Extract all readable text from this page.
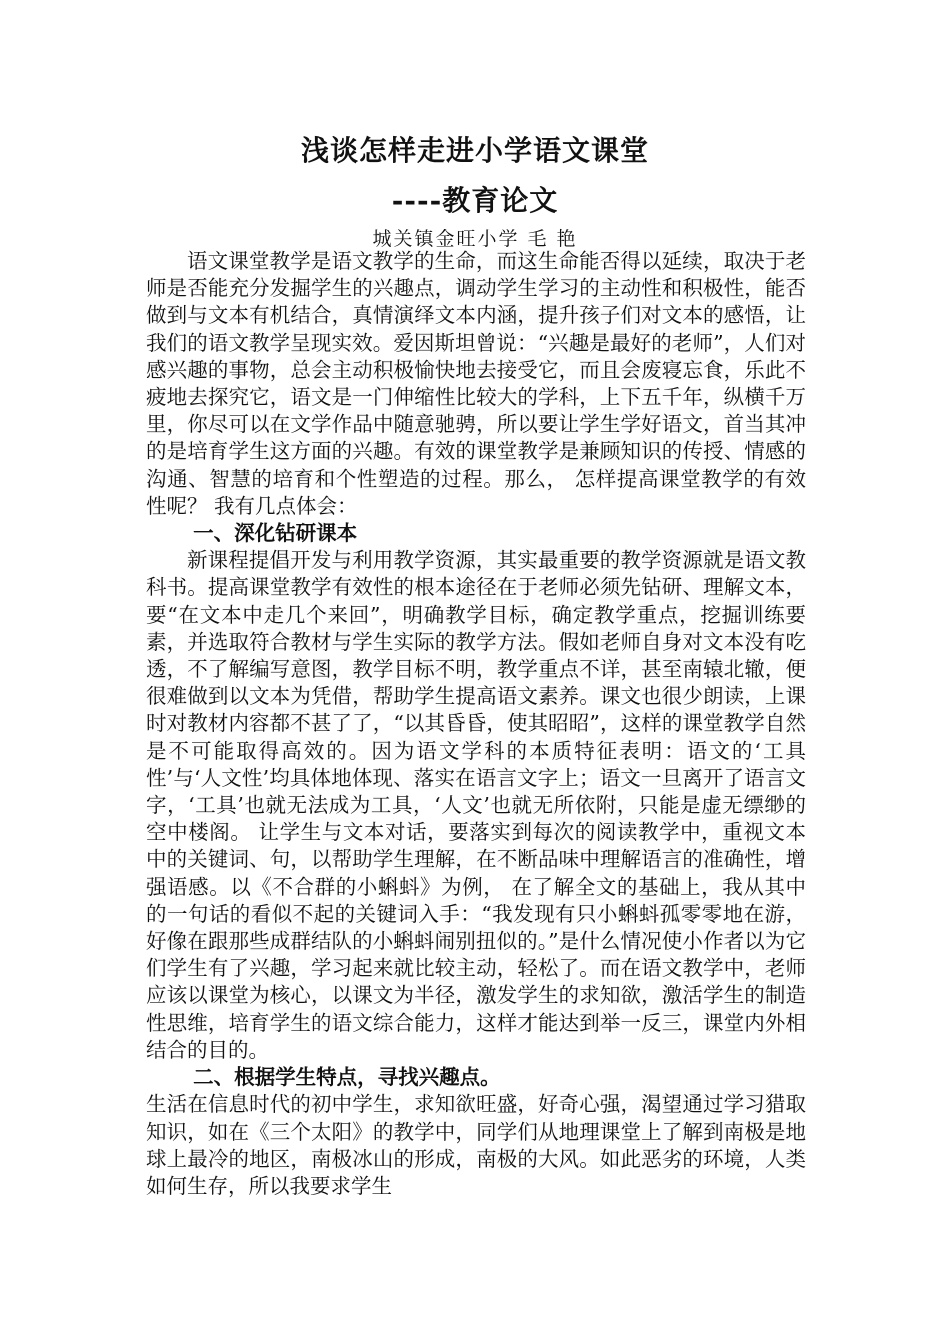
浅谈怎样走进小学语文课堂
----教育论文
城关镇金旺小学 毛 艳

语文课堂教学是语文教学的生命，而这生命能否得以延续，取决于老师是否能充分发掘学生的兴趣点，调动学生学习的主动性和积极性，能否做到与文本有机结合，真情演绎文本内涵，提升孩子们对文本的感悟，让我们的语文教学呈现实效。爱因斯坦曾说：“兴趣是最好的老师”，人们对感兴趣的事物，总会主动积极愉快地去接受它，而且会废寝忘食，乐此不疲地去探究它，语文是一门伸缩性比较大的学科，上下五千年，纵横千万里，你尽可以在文学作品中随意驰骋，所以要让学生学好语文，首当其冲的是培育学生这方面的兴趣。有效的课堂教学是兼顾知识的传授、情感的沟通、智慧的培育和个性塑造的过程。那么， 怎样提高课堂教学的有效性呢？ 我有几点体会：

一、深化钻研课本

新课程提倡开发与利用教学资源，其实最重要的教学资源就是语文教科书。提高课堂教学有效性的根本途径在于老师必须先钻研、理解文本，要“在文本中走几个来回”，明确教学目标，确定教学重点，挖掘训练要素，并选取符合教材与学生实际的教学方法。假如老师自身对文本没有吃透，不了解编写意图，教学目标不明，教学重点不详，甚至南辕北辙，便很难做到以文本为凭借，帮助学生提高语文素养。课文也很少朗读，上课时对教材内容都不甚了了，“以其昏昏，使其昭昭”，这样的课堂教学自然是不可能取得高效的。因为语文学科的本质特征表明：语文的‘工具性’与‘人文性’均具体地体现、落实在语言文字上；语文一旦离开了语言文字，‘工具’也就无法成为工具，‘人文’也就无所依附，只能是虚无缥缈的空中楼阁。 让学生与文本对话，要落实到每次的阅读教学中，重视文本中的关键词、句，以帮助学生理解，在不断品味中理解语言的准确性，增强语感。以《不合群的小蝌蚪》为例， 在了解全文的基础上，我从其中的一句话的看似不起的关键词入手：“我发现有只小蝌蚪孤零零地在游，好像在跟那些成群结队的小蝌蚪闹别扭似的。”是什么情况使小作者以为它们学生有了兴趣，学习起来就比较主动，轻松了。而在语文教学中，老师应该以课堂为核心，以课文为半径，激发学生的求知欲，激活学生的制造性思维，培育学生的语文综合能力，这样才能达到举一反三，课堂内外相结合的目的。

二、根据学生特点，寻找兴趣点。

生活在信息时代的初中学生，求知欲旺盛，好奇心强，渴望通过学习猎取知识，如在《三个太阳》的教学中，同学们从地理课堂上了解到南极是地球上最冷的地区，南极冰山的形成，南极的大风。如此恶劣的环境，人类如何生存，所以我要求学生
